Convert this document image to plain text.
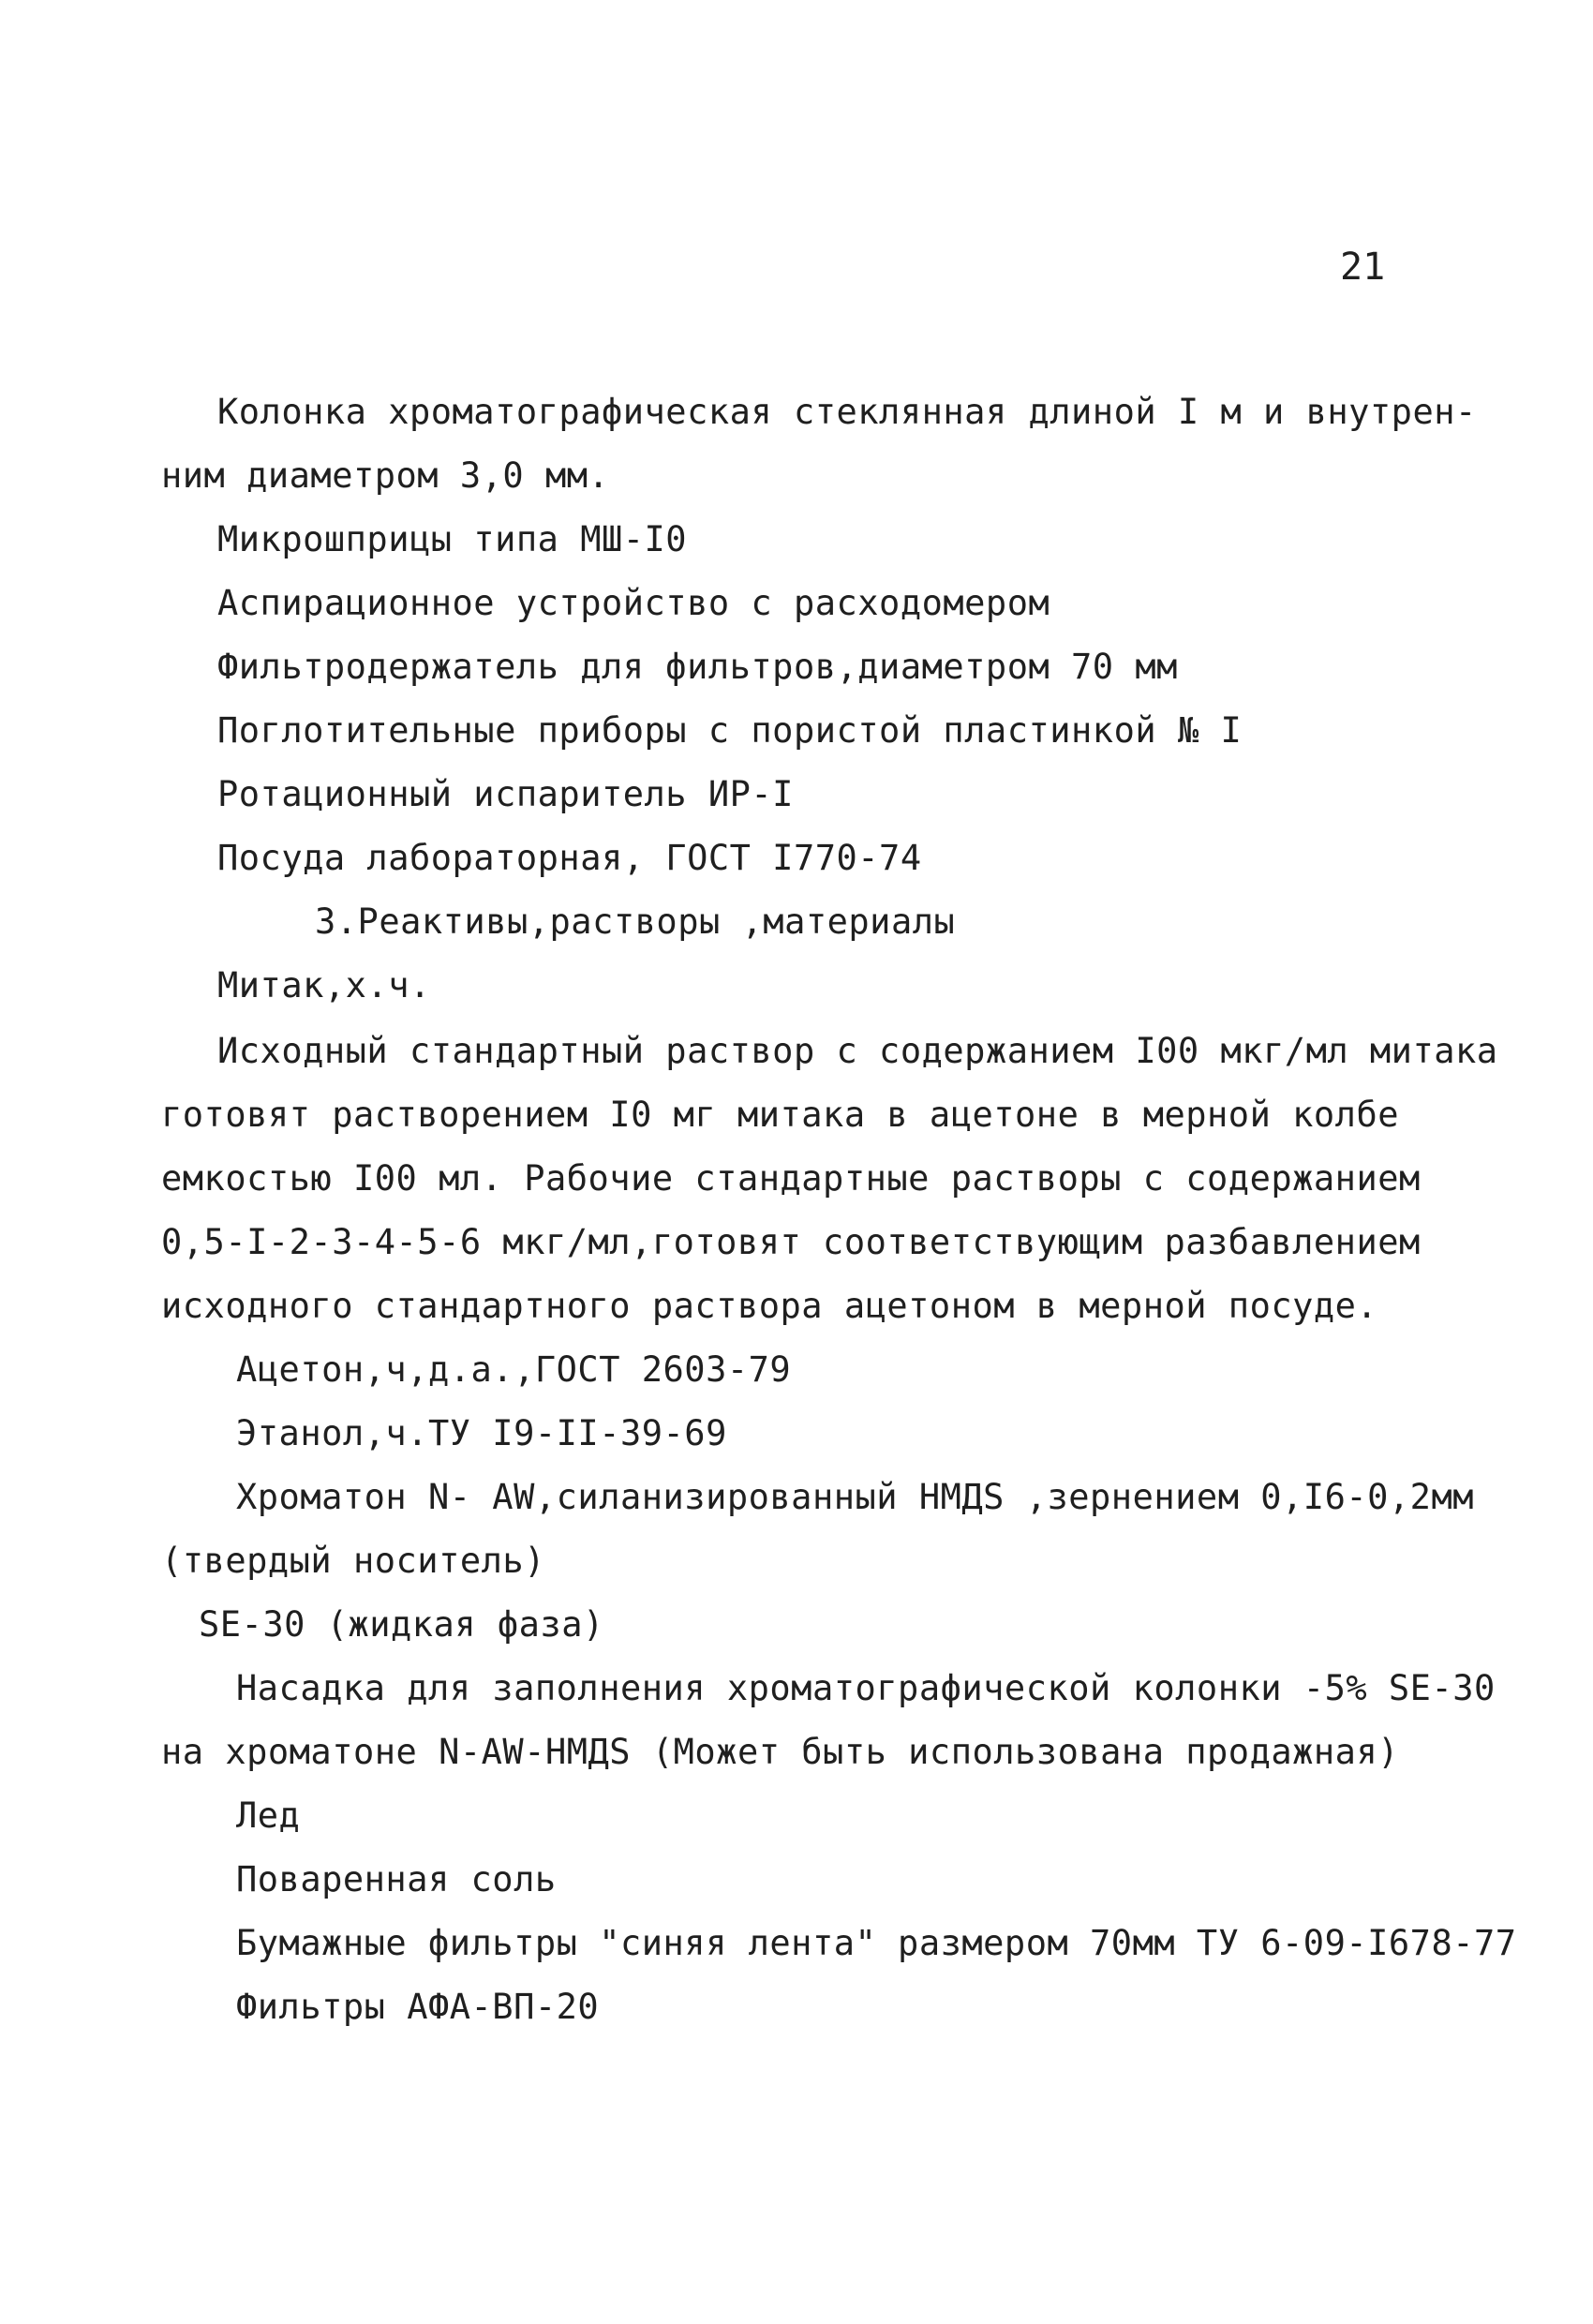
21
Колонка хроматографическая стеклянная длиной I м и внутрен-
ним диаметром 3,0 мм.
Микрошприцы типа МШ-I0
Аспирационное устройство с расходомером
Фильтродержатель для фильтров,диаметром 70 мм
Поглотительные приборы с пористой пластинкой № I
Ротационный испаритель ИР-I
Посуда лабораторная, ГОСТ I770-74
3.Реактивы,растворы ,материалы
Митак,х.ч.
Исходный стандартный раствор с содержанием I00 мкг/мл митака
готовят растворением I0 мг митака в ацетоне в мерной колбе
емкостью I00 мл. Рабочие стандартные растворы с содержанием
0,5-I-2-3-4-5-6 мкг/мл,готовят соответствующим разбавлением
исходного стандартного раствора ацетоном в мерной посуде.
Ацетон,ч,д.а.,ГОСТ 2603-79
Этанол,ч.ТУ I9-II-39-69
Хроматон N- AW,силанизированный НМДS ,зернением 0,I6-0,2мм
(твердый носитель)
SE-30 (жидкая фаза)
Насадка для заполнения хроматографической колонки -5% SE-30
на хроматоне N-AW-НМДS (Может быть использована продажная)
Лед
Поваренная соль
Бумажные фильтры "синяя лента" размером 70мм ТУ 6-09-I678-77
Фильтры АФА-ВП-20
